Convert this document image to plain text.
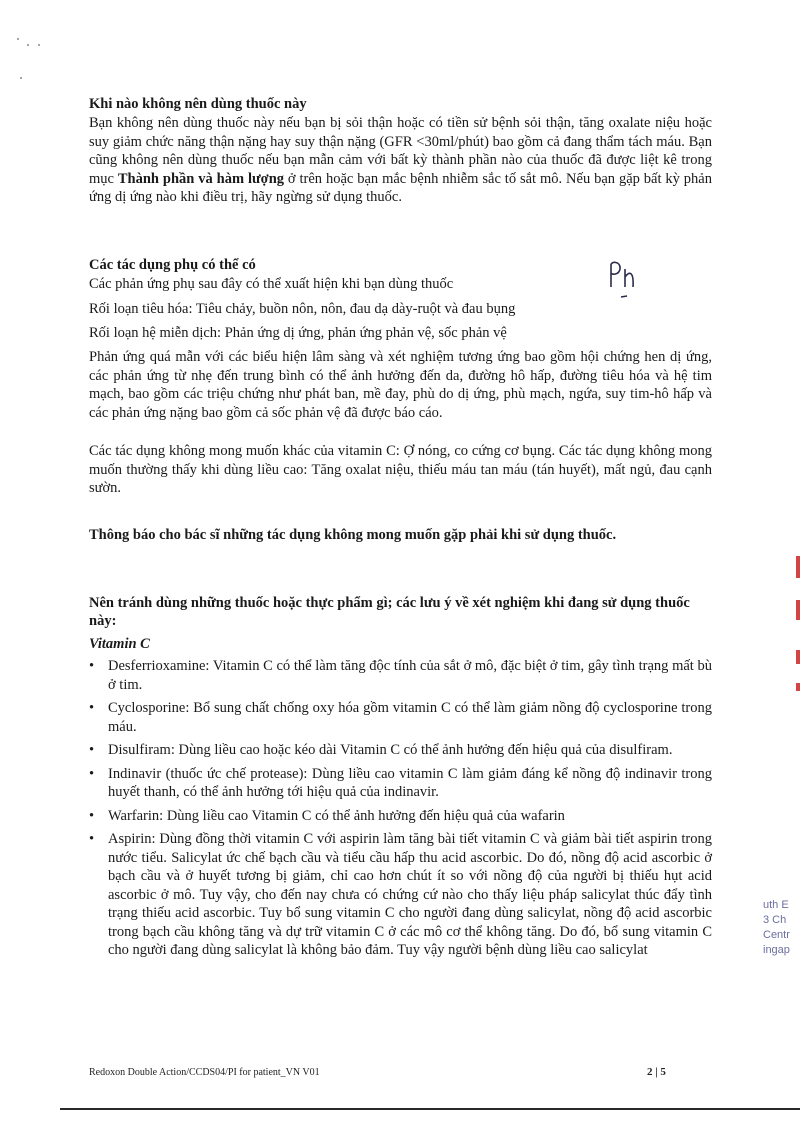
Khi nào không nên dùng thuốc này

Bạn không nên dùng thuốc này nếu bạn bị sỏi thận hoặc có tiền sử bệnh sỏi thận, tăng oxalate niệu hoặc suy giảm chức năng thận nặng hay suy thận nặng (GFR <30ml/phút) bao gồm cả đang thẩm tách máu. Bạn cũng không nên dùng thuốc nếu bạn mẫn cảm với bất kỳ thành phần nào của thuốc đã được liệt kê trong mục Thành phần và hàm lượng ở trên hoặc bạn mắc bệnh nhiễm sắc tố sắt mô. Nếu bạn gặp bất kỳ phản ứng dị ứng nào khi điều trị, hãy ngừng sử dụng thuốc.

Các tác dụng phụ có thể có

Các phản ứng phụ sau đây có thể xuất hiện khi bạn dùng thuốc

Rối loạn tiêu hóa: Tiêu chảy, buồn nôn, nôn, đau dạ dày-ruột và đau bụng

Rối loạn hệ miễn dịch: Phản ứng dị ứng, phản ứng phản vệ, sốc phản vệ

Phản ứng quá mẫn với các biểu hiện lâm sàng và xét nghiệm tương ứng bao gồm hội chứng hen dị ứng, các phản ứng từ nhẹ đến trung bình có thể ảnh hưởng đến da, đường hô hấp, đường tiêu hóa và hệ tim mạch, bao gồm các triệu chứng như phát ban, mề đay, phù do dị ứng, phù mạch, ngứa, suy tim-hô hấp và các phản ứng nặng bao gồm cả sốc phản vệ đã được báo cáo.

Các tác dụng không mong muốn khác của vitamin C: Ợ nóng, co cứng cơ bụng. Các tác dụng không mong muốn thường thấy khi dùng liều cao: Tăng oxalat niệu, thiếu máu tan máu (tán huyết), mất ngủ, đau cạnh sườn.

Thông báo cho bác sĩ những tác dụng không mong muốn gặp phải khi sử dụng thuốc.
Nên tránh dùng những thuốc hoặc thực phẩm gì; các lưu ý về xét nghiệm khi đang sử dụng thuốc này:

Vitamin C

• Desferrioxamine: Vitamin C có thể làm tăng độc tính của sắt ở mô, đặc biệt ở tim, gây tình trạng mất bù ở tim.
• Cyclosporine: Bổ sung chất chống oxy hóa gồm vitamin C có thể làm giảm nồng độ cyclosporine trong máu.
• Disulfiram: Dùng liều cao hoặc kéo dài Vitamin C có thể ảnh hưởng đến hiệu quả của disulfiram.
• Indinavir (thuốc ức chế protease): Dùng liều cao vitamin C làm giảm đáng kể nồng độ indinavir trong huyết thanh, có thể ảnh hưởng tới hiệu quả của indinavir.
• Warfarin: Dùng liều cao Vitamin C có thể ảnh hưởng đến hiệu quả của wafarin
• Aspirin: Dùng đồng thời vitamin C với aspirin làm tăng bài tiết vitamin C và giảm bài tiết aspirin trong nước tiểu. Salicylat ức chế bạch cầu và tiểu cầu hấp thu acid ascorbic. Do đó, nồng độ acid ascorbic ở bạch cầu và ở huyết tương bị giảm, chỉ cao hơn chút ít so với nồng độ của người bị thiếu hụt acid ascorbic ở mô. Tuy vậy, cho đến nay chưa có chứng cứ nào cho thấy liệu pháp salicylat thúc đẩy tình trạng thiếu acid ascorbic. Tuy bổ sung vitamin C cho người đang dùng salicylat, nồng độ acid ascorbic trong bạch cầu không tăng và dự trữ vitamin C ở các mô cơ thể không tăng. Do đó, bổ sung vitamin C cho người đang dùng salicylat là không bảo đảm. Tuy vậy người bệnh dùng liều cao salicylat
uth E
3 Ch
Centr
ingap
Redoxon Double Action/CCDS04/PI for patient_VN V01	2 | 5
